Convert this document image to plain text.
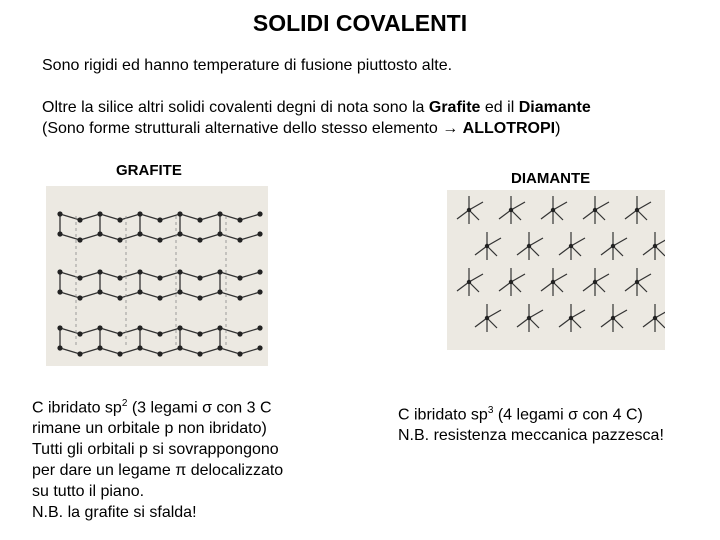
SOLIDI COVALENTI
Sono rigidi ed hanno temperature di fusione piuttosto alte.
Oltre la silice altri solidi covalenti degni di nota sono la Grafite ed il Diamante
(Sono forme strutturali alternative dello stesso elemento → ALLOTROPI)
GRAFITE	DIAMANTE
C ibridato $sp^2$ (3 legami σ con 3 C
rimane un orbitale p non ibridato)
Tutti gli orbitali p si sovrappongono
per dare un legame π delocalizzato
su tutto il piano.
N.B. la grafite si sfalda!
C ibridato $sp^3$ (4 legami σ con 4 C)
N.B. resistenza meccanica pazzesca!
